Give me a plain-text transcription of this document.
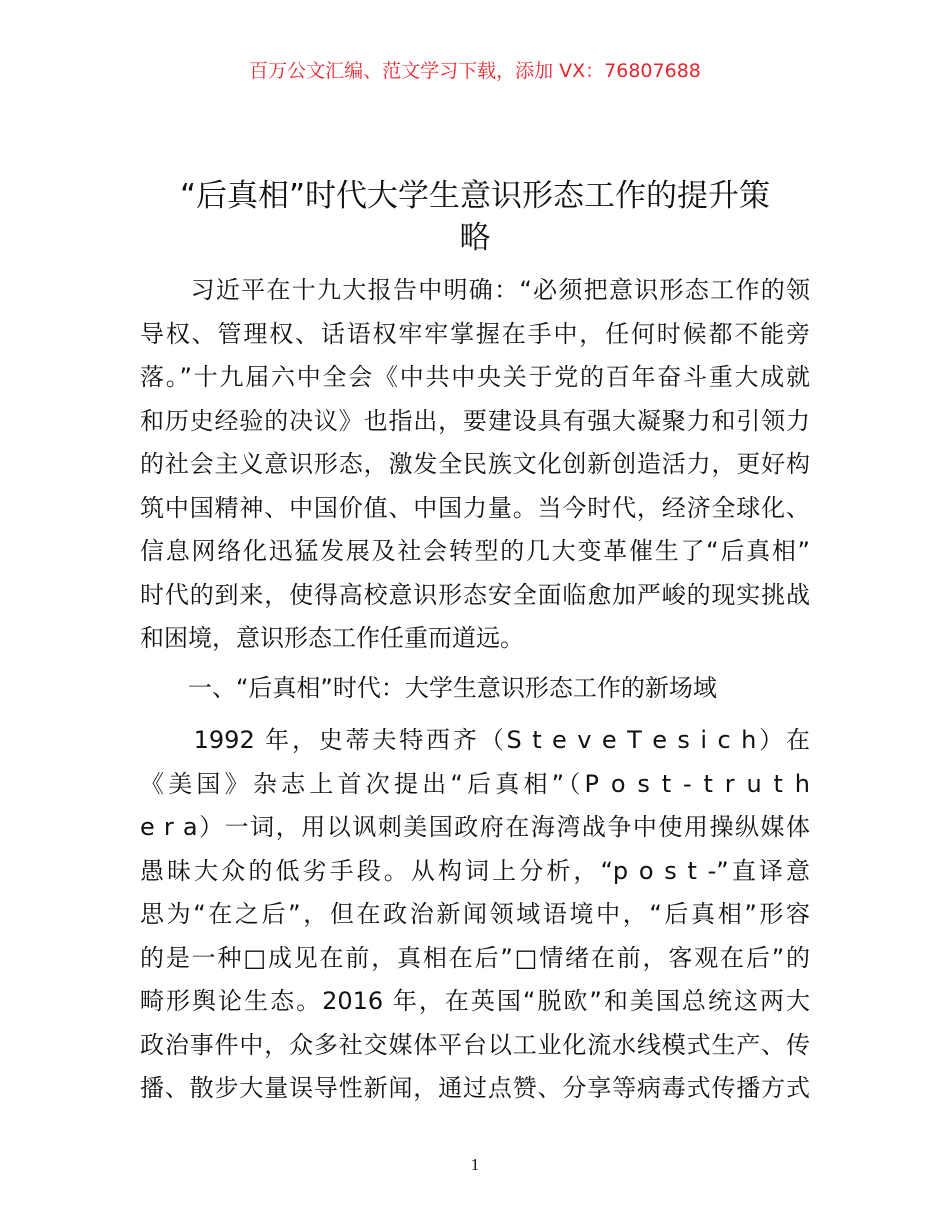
百万公文汇编、范文学习下载，添加 VX：76807688
“后真相”时代大学生意识形态工作的提升策
略
　　习近平在十九大报告中明确：“必须把意识形态工作的领
导权、管理权、话语权牢牢掌握在手中，任何时候都不能旁
落。”十九届六中全会《中共中央关于党的百年奋斗重大成就
和历史经验的决议》也指出，要建设具有强大凝聚力和引领力
的社会主义意识形态，激发全民族文化创新创造活力，更好构
筑中国精神、中国价值、中国力量。当今时代，经济全球化、
信息网络化迅猛发展及社会转型的几大变革催生了“后真相”
时代的到来，使得高校意识形态安全面临愈加严峻的现实挑战
和困境，意识形态工作任重而道远。
　　一、“后真相”时代：大学生意识形态工作的新场域
　　1992 年，史蒂夫特西齐（S t e v e T e s i c h）在
《美国》杂志上首次提出“后真相”（P o s t - t r u t h
e r a）一词，用以讽刺美国政府在海湾战争中使用操纵媒体
愚昧大众的低劣手段。从构词上分析，“p o s t -”直译意
思为“在之后”，但在政治新闻领域语境中，“后真相”形容
的是一种□成见在前，真相在后”□情绪在前，客观在后”的
畸形舆论生态。2016 年，在英国“脱欧”和美国总统这两大
政治事件中，众多社交媒体平台以工业化流水线模式生产、传
播、散步大量误导性新闻，通过点赞、分享等病毒式传播方式
1
